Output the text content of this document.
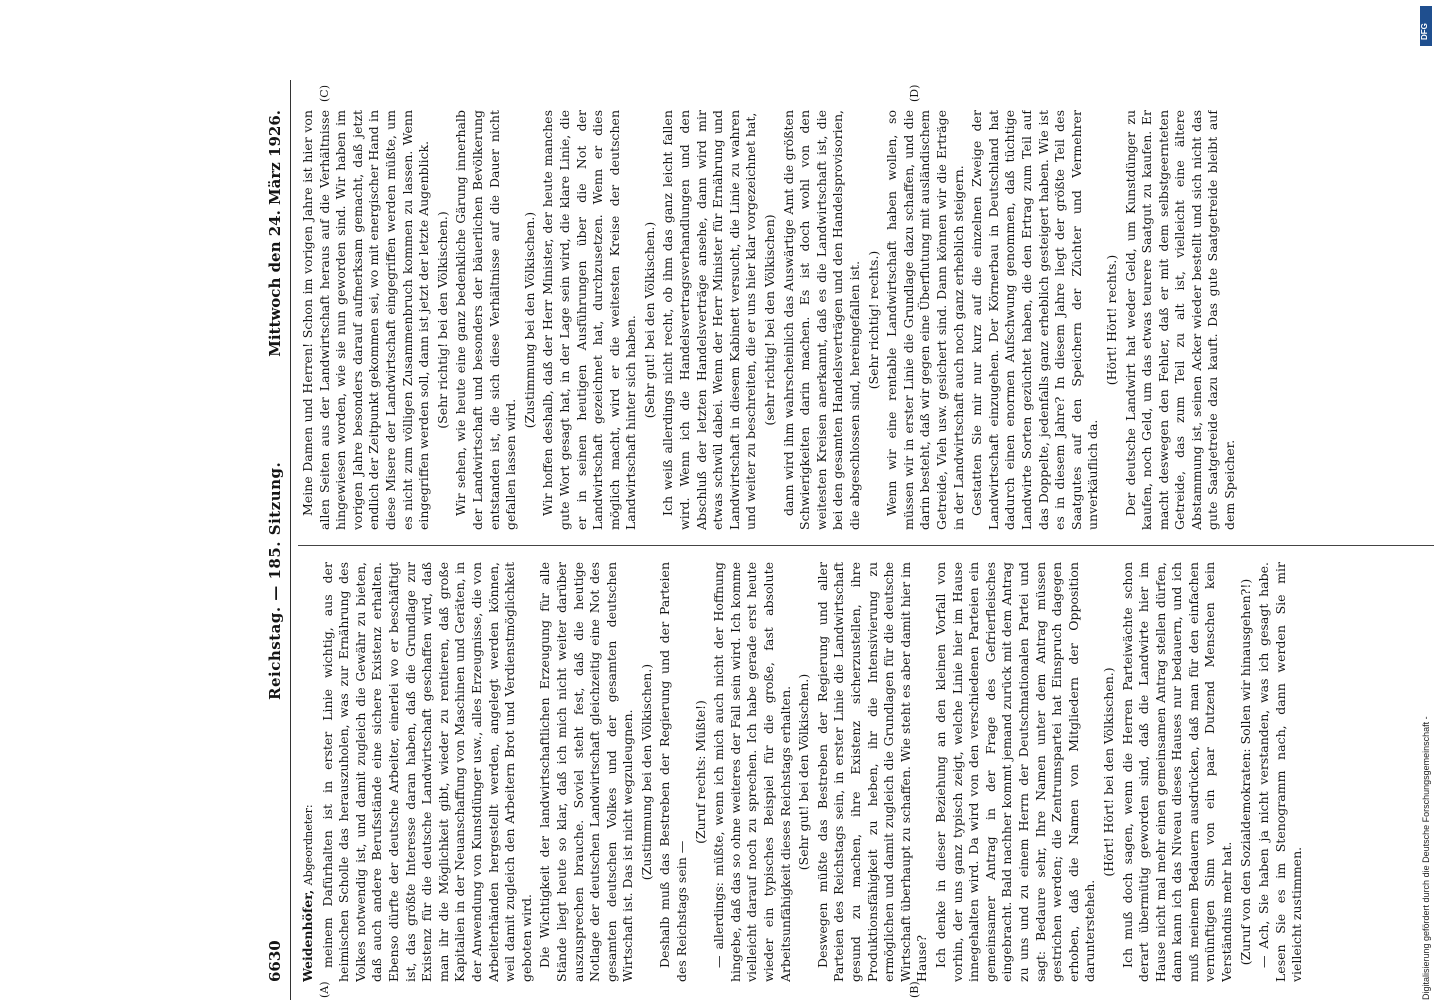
6630
Reichstag. — 185. Sitzung.
Mittwoch den 24. März 1926.
(A)	(B)
(C)	(D)

Weidenhöfer, Abgeordneter: meinem Dafürhalten ist in erster Linie wichtig, aus der heimischen Scholle das herauszuholen, was zur Ernährung des Volkes notwendig ist, und damit zugleich die Gewähr zu bieten, daß auch andere Berufsstände eine sichere Existenz erhalten. Ebenso dürfte der deutsche Arbeiter, einerlei wo er beschäftigt ist, das größte Interesse daran haben, daß die Grundlage zur Existenz für die deutsche Landwirtschaft geschaffen wird, daß man ihr die Möglichkeit gibt, wieder zu rentieren, daß große Kapitalien in der Neuanschaffung von Maschinen und Geräten, in der Anwendung von Kunstdünger usw., alles Erzeugnisse, die von Arbeiterhänden hergestellt werden, angelegt werden können, weil damit zugleich den Arbeitern Brot und Verdienstmöglichkeit geboten wird. Die Wichtigkeit der landwirtschaftlichen Erzeugung für alle Stände liegt heute so klar, daß ich mich nicht weiter darüber auszusprechen brauche. Soviel steht fest, daß die heutige Notlage der deutschen Landwirtschaft gleichzeitig eine Not des gesamten deutschen Volkes und der gesamten deutschen Wirtschaft ist. Das ist nicht wegzuleugnen. (Zustimmung bei den Völkischen.) Deshalb muß das Bestreben der Regierung und der Parteien des Reichstags sein —

(Zuruf rechts: Müßte!) — allerdings: müßte, wenn ich mich auch nicht der Hoffnung hingebe, daß das so ohne weiteres der Fall sein wird. Ich komme vielleicht darauf noch zu sprechen. Ich habe gerade erst heute wieder ein typisches Beispiel für die große, fast absolute Arbeitsunfähigkeit dieses Reichstags erhalten. (Sehr gut! bei den Völkischen.) Deswegen müßte das Bestreben der Regierung und aller Parteien des Reichstags sein, in erster Linie die Landwirtschaft gesund zu machen, ihre Existenz sicherzustellen, ihre Produktionsfähigkeit zu heben, ihr die Intensivierung zu ermöglichen und damit zugleich die Grundlagen für die deutsche Wirtschaft überhaupt zu schaffen. Wie steht es aber damit hier im Hause? Ich denke in dieser Beziehung an den kleinen Vorfall von vorhin, der uns ganz typisch zeigt, welche Linie hier im Hause innegehalten wird. Da wird von den verschiedenen Parteien ein gemeinsamer Antrag in der Frage des Gefrierfleisches eingebracht. Bald nachher kommt jemand zurück mit dem Antrag zu uns und zu einem Herrn der Deutschnationalen Partei und sagt: Bedaure sehr, Ihre Namen unter dem Antrag müssen gestrichen werden; die Zentrumspartei hat Einspruch dagegen erhoben, daß die Namen von Mitgliedern der Opposition daruntersteheh.

(Hört! Hört! bei den Völkischen.) Ich muß doch sagen, wenn die Herren Parteiwächte schon derart übermütig geworden sind, daß die Landwirte hier im Hause nicht mal mehr einen gemeinsamen Antrag stellen dürfen, dann kann ich das Niveau dieses Hauses nur bedauern, und ich muß meinem Bedauern ausdrücken, daß man für den einfachen vernünftigen Sinn von ein paar Dutzend Menschen kein Verständnis mehr hat. (Zuruf von den Sozialdemokraten: Sollen wir hinausgehen?!) — Ach, Sie haben ja nicht verstanden, was ich gesagt habe. Lesen Sie es im Stenogramm nach, dann werden Sie mir vielleicht zustimmen.

Meine Damen und Herren! Schon im vorigen Jahre ist hier von allen Seiten aus der Landwirtschaft heraus auf die Verhältnisse hingewiesen worden, wie sie nun geworden sind. Wir haben im vorigen Jahre besonders darauf aufmerksam gemacht, daß jetzt endlich der Zeitpunkt gekommen sei, wo mit energischer Hand in diese Misere der Landwirtschaft eingegriffen werden müßte, um es nicht zum völligen Zusammenbruch kommen zu lassen. Wenn eingegriffen werden soll, dann ist jetzt der letzte Augenblick. (Sehr richtig! bei den Völkischen.) Wir sehen, wie heute eine ganz bedenkliche Gärung innerhalb der Landwirtschaft und besonders der bäuerlichen Bevölkerung entstanden ist, die sich diese Verhältnisse auf die Dauer nicht gefallen lassen wird.

(Zustimmung bei den Völkischen.) Wir hoffen deshalb, daß der Herr Minister, der heute manches gute Wort gesagt hat, in der Lage sein wird, die klare Linie, die er in seinen heutigen Ausführungen über die Not der Landwirtschaft gezeichnet hat, durchzusetzen. Wenn er dies möglich macht, wird er die weitesten Kreise der deutschen Landwirtschaft hinter sich haben. (Sehr gut! bei den Völkischen.) Ich weiß allerdings nicht recht, ob ihm das ganz leicht fallen wird. Wenn ich die Handelsvertragsverhandlungen und den Abschluß der letzten Handelsverträge ansehe, dann wird mir etwas schwül dabei. Wenn der Herr Minister für Ernährung und Landwirtschaft in diesem Kabinett versucht, die Linie zu wahren und weiter zu beschreiten, die er uns hier klar vorgezeichnet hat, (sehr richtig! bei den Völkischen) dann wird ihm wahrscheinlich das Auswärtige Amt die größten Schwierigkeiten darin machen. Es ist doch wohl von den weitesten Kreisen anerkannt, daß es die Landwirtschaft ist, die bei den gesamten Handelsverträgen und den Handelsprovisorien, die abgeschlossen sind, hereingefallen ist. (Sehr richtig! rechts.) Wenn wir eine rentable Landwirtschaft haben wollen, so müssen wir in erster Linie die Grundlage dazu schaffen, und die darin besteht, daß wir gegen eine Überflutung mit ausländischem Getreide, Vieh usw. gesichert sind. Dann können wir die Erträge in der Landwirtschaft auch noch ganz erheblich steigern. Gestatten Sie mir nur kurz auf die einzelnen Zweige der Landwirtschaft einzugehen. Der Körnerbau in Deutschland hat dadurch einen enormen Aufschwung genommen, daß tüchtige Landwirte Sorten gezüchtet haben, die den Ertrag zum Teil auf das Doppelte, jedenfalls ganz erheblich gesteigert haben. Wie ist es in diesem Jahre? In diesem Jahre liegt der größte Teil des Saatgutes auf den Speichern der Züchter und Vermehrer unverkäuflich da.

(Hört! Hört! rechts.) Der deutsche Landwirt hat weder Geld, um Kunstdünger zu kaufen, noch Geld, um das etwas teurere Saatgut zu kaufen. Er macht deswegen den Fehler, daß er mit dem selbstgeernteten Getreide, das zum Teil zu alt ist, vielleicht eine ältere Abstammung ist, seinen Acker wieder bestellt und sich nicht das gute Saatgetreide dazu kauft. Das gute Saatgetreide bleibt auf dem Speicher.

DFG
Digitalisierung gefördert durch die Deutsche Forschungsgemeinschaft -
